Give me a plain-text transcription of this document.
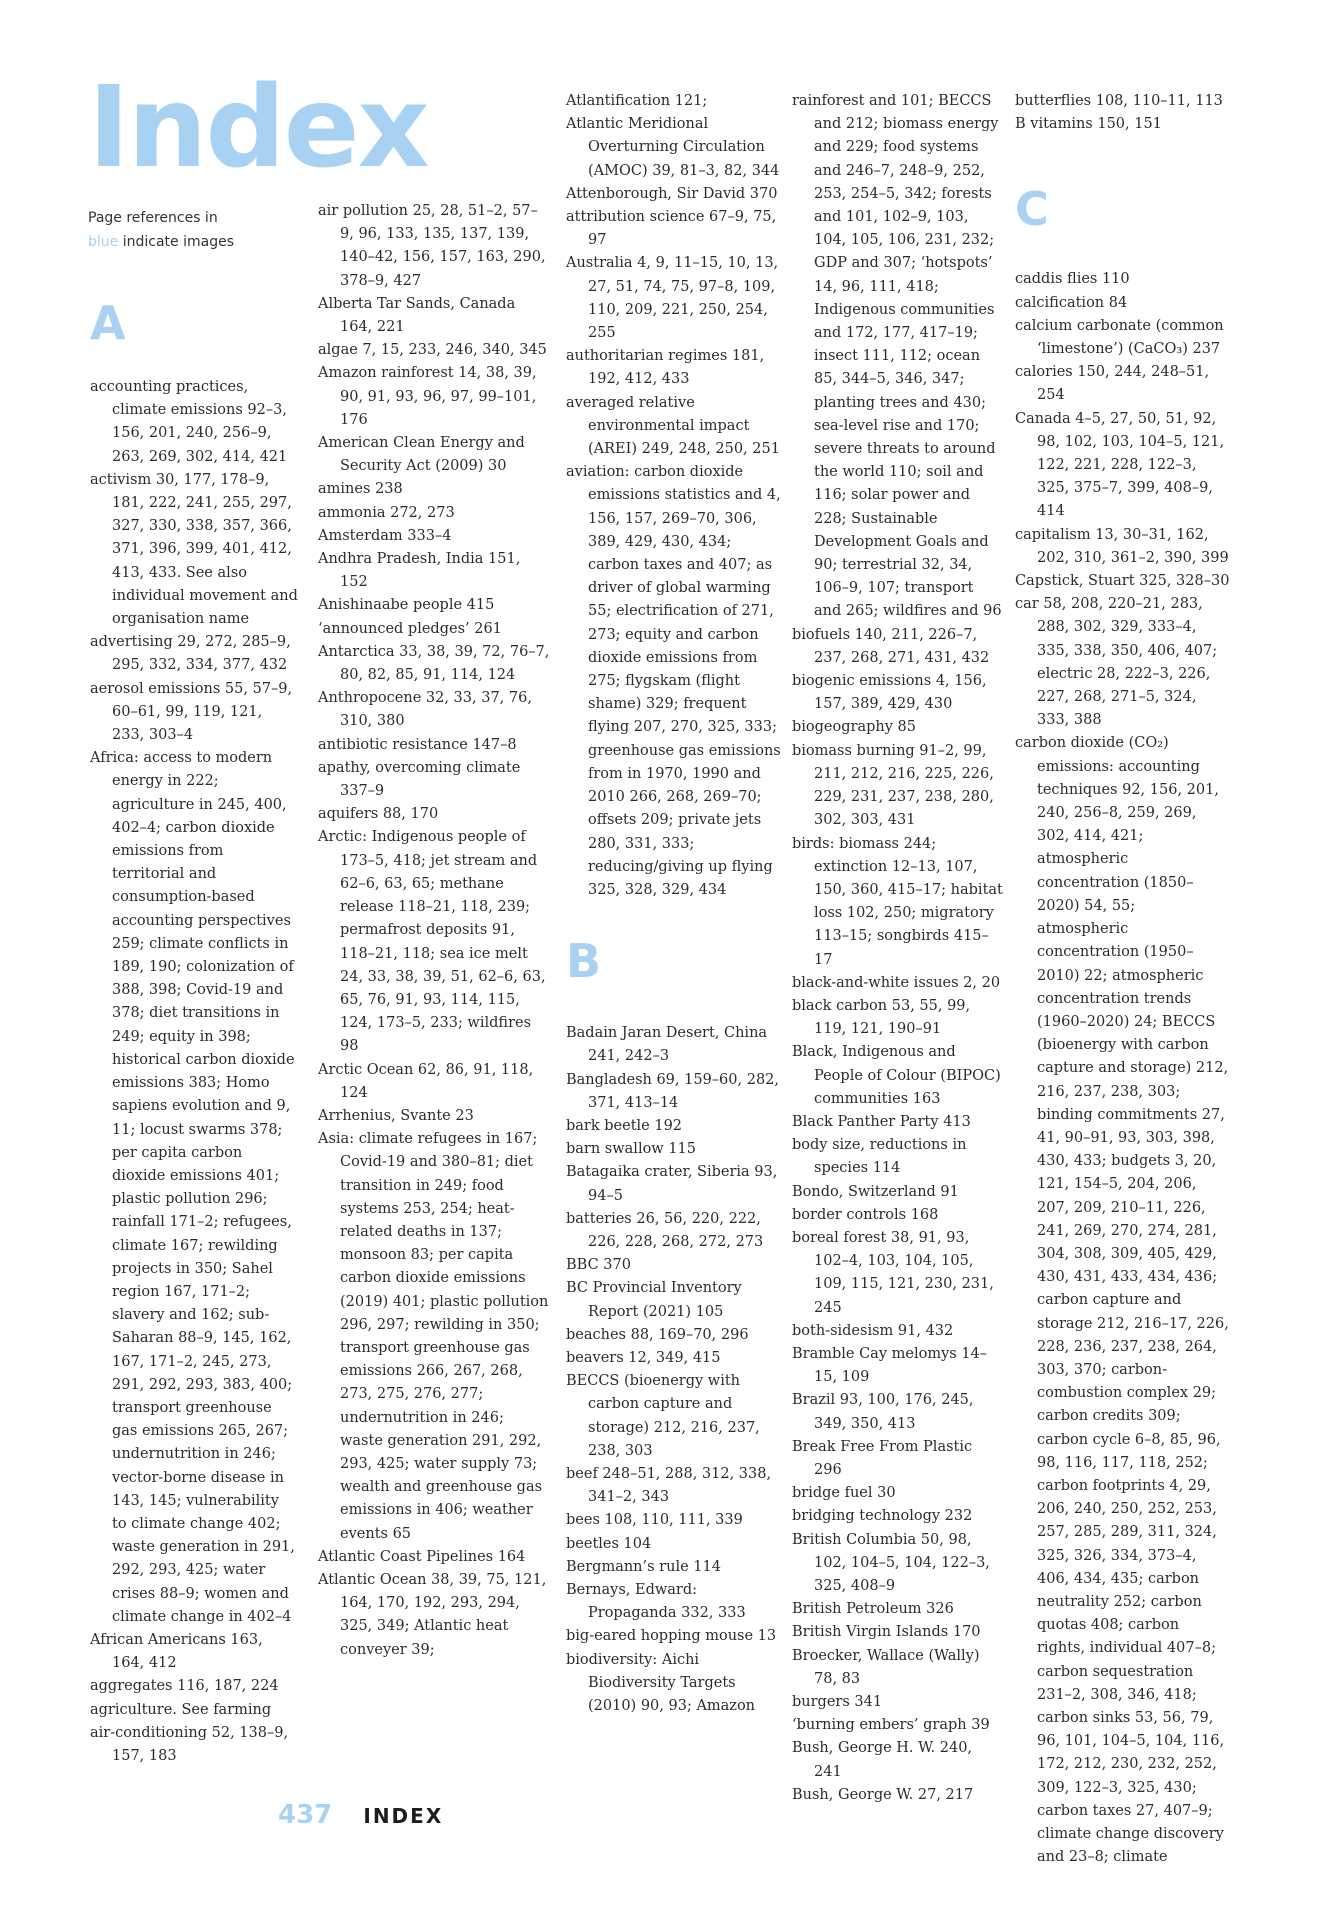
Index
Page references in
blue indicate images
A

accounting practices, climate emissions 92–3, 156, 201, 240, 256–9, 263, 269, 302, 414, 421

activism 30, 177, 178–9, 181, 222, 241, 255, 297, 327, 330, 338, 357, 366, 371, 396, 399, 401, 412, 413, 433. See also individual movement and organisation name

advertising 29, 272, 285–9, 295, 332, 334, 377, 432

aerosol emissions 55, 57–9, 60–61, 99, 119, 121, 233, 303–4

Africa: access to modern energy in 222; agriculture in 245, 400, 402–4; carbon dioxide emissions from territorial and consumption-based accounting perspectives 259; climate conflicts in 189, 190; colonization of 388, 398; Covid-19 and 378; diet transitions in 249; equity in 398; historical carbon dioxide emissions 383; Homo sapiens evolution and 9, 11; locust swarms 378; per capita carbon dioxide emissions 401; plastic pollution 296; rainfall 171–2; refugees, climate 167; rewilding projects in 350; Sahel region 167, 171–2; slavery and 162; sub-Saharan 88–9, 145, 162, 167, 171–2, 245, 273, 291, 292, 293, 383, 400; transport greenhouse gas emissions 265, 267; undernutrition in 246; vector-borne disease in 143, 145; vulnerability to climate change 402; waste generation in 291, 292, 293, 425; water crises 88–9; women and climate change in 402–4

African Americans 163, 164, 412

aggregates 116, 187, 224

agriculture. See farming

air-conditioning 52, 138–9, 157, 183

air pollution 25, 28, 51–2, 57–9, 96, 133, 135, 137, 139, 140–42, 156, 157, 163, 290, 378–9, 427

Alberta Tar Sands, Canada 164, 221

algae 7, 15, 233, 246, 340, 345

Amazon rainforest 14, 38, 39, 90, 91, 93, 96, 97, 99–101, 176

American Clean Energy and Security Act (2009) 30

amines 238

ammonia 272, 273

Amsterdam 333–4

Andhra Pradesh, India 151, 152

Anishinaabe people 415

‘announced pledges’ 261

Antarctica 33, 38, 39, 72, 76–7, 80, 82, 85, 91, 114, 124

Anthropocene 32, 33, 37, 76, 310, 380

antibiotic resistance 147–8

apathy, overcoming climate 337–9

aquifers 88, 170

Arctic: Indigenous people of 173–5, 418; jet stream and 62–6, 63, 65; methane release 118–21, 118, 239; permafrost deposits 91, 118–21, 118; sea ice melt 24, 33, 38, 39, 51, 62–6, 63, 65, 76, 91, 93, 114, 115, 124, 173–5, 233; wildfires 98

Arctic Ocean 62, 86, 91, 118, 124

Arrhenius, Svante 23

Asia: climate refugees in 167; Covid-19 and 380–81; diet transition in 249; food systems 253, 254; heat-related deaths in 137; monsoon 83; per capita carbon dioxide emissions (2019) 401; plastic pollution 296, 297; rewilding in 350; transport greenhouse gas emissions 266, 267, 268, 273, 275, 276, 277; undernutrition in 246; waste generation 291, 292, 293, 425; water supply 73; wealth and greenhouse gas emissions in 406; weather events 65

Atlantic Coast Pipelines 164

Atlantic Ocean 38, 39, 75, 121, 164, 170, 192, 293, 294, 325, 349; Atlantic heat conveyer 39;

Atlantification 121;

Atlantic Meridional Overturning Circulation (AMOC) 39, 81–3, 82, 344

Attenborough, Sir David 370

attribution science 67–9, 75, 97

Australia 4, 9, 11–15, 10, 13, 27, 51, 74, 75, 97–8, 109, 110, 209, 221, 250, 254, 255

authoritarian regimes 181, 192, 412, 433

averaged relative environmental impact (AREI) 249, 248, 250, 251

aviation: carbon dioxide emissions statistics and 4, 156, 157, 269–70, 306, 389, 429, 430, 434; carbon taxes and 407; as driver of global warming 55; electrification of 271, 273; equity and carbon dioxide emissions from 275; flygskam (flight shame) 329; frequent flying 207, 270, 325, 333; greenhouse gas emissions from in 1970, 1990 and 2010 266, 268, 269–70; offsets 209; private jets 280, 331, 333; reducing/giving up flying 325, 328, 329, 434

B

Badain Jaran Desert, China 241, 242–3

Bangladesh 69, 159–60, 282, 371, 413–14

bark beetle 192

barn swallow 115

Batagaika crater, Siberia 93, 94–5

batteries 26, 56, 220, 222, 226, 228, 268, 272, 273

BBC 370

BC Provincial Inventory Report (2021) 105

beaches 88, 169–70, 296

beavers 12, 349, 415

BECCS (bioenergy with carbon capture and storage) 212, 216, 237, 238, 303

beef 248–51, 288, 312, 338, 341–2, 343

bees 108, 110, 111, 339

beetles 104

Bergmann’s rule 114

Bernays, Edward: Propaganda 332, 333

big-eared hopping mouse 13

biodiversity: Aichi Biodiversity Targets (2010) 90, 93; Amazon

rainforest and 101; BECCS and 212; biomass energy and 229; food systems and 246–7, 248–9, 252, 253, 254–5, 342; forests and 101, 102–9, 103, 104, 105, 106, 231, 232; GDP and 307; ‘hotspots’ 14, 96, 111, 418; Indigenous communities and 172, 177, 417–19; insect 111, 112; ocean 85, 344–5, 346, 347; planting trees and 430; sea-level rise and 170; severe threats to around the world 110; soil and 116; solar power and 228; Sustainable Development Goals and 90; terrestrial 32, 34, 106–9, 107; transport and 265; wildfires and 96

biofuels 140, 211, 226–7, 237, 268, 271, 431, 432

biogenic emissions 4, 156, 157, 389, 429, 430

biogeography 85

biomass burning 91–2, 99, 211, 212, 216, 225, 226, 229, 231, 237, 238, 280, 302, 303, 431

birds: biomass 244; extinction 12–13, 107, 150, 360, 415–17; habitat loss 102, 250; migratory 113–15; songbirds 415–17

black-and-white issues 2, 20

black carbon 53, 55, 99, 119, 121, 190–91

Black, Indigenous and People of Colour (BIPOC) communities 163

Black Panther Party 413

body size, reductions in species 114

Bondo, Switzerland 91

border controls 168

boreal forest 38, 91, 93, 102–4, 103, 104, 105, 109, 115, 121, 230, 231, 245

both-sidesism 91, 432

Bramble Cay melomys 14–15, 109

Brazil 93, 100, 176, 245, 349, 350, 413

Break Free From Plastic 296

bridge fuel 30

bridging technology 232

British Columbia 50, 98, 102, 104–5, 104, 122–3, 325, 408–9

British Petroleum 326

British Virgin Islands 170

Broecker, Wallace (Wally) 78, 83

burgers 341

‘burning embers’ graph 39

Bush, George H. W. 240, 241

Bush, George W. 27, 217

butterflies 108, 110–11, 113

B vitamins 150, 151

C

caddis flies 110

calcification 84

calcium carbonate (common ‘limestone’) (CaCO₃) 237

calories 150, 244, 248–51, 254

Canada 4–5, 27, 50, 51, 92, 98, 102, 103, 104–5, 121, 122, 221, 228, 122–3, 325, 375–7, 399, 408–9, 414

capitalism 13, 30–31, 162, 202, 310, 361–2, 390, 399

Capstick, Stuart 325, 328–30

car 58, 208, 220–21, 283, 288, 302, 329, 333–4, 335, 338, 350, 406, 407; electric 28, 222–3, 226, 227, 268, 271–5, 324, 333, 388

carbon dioxide (CO₂) emissions: accounting techniques 92, 156, 201, 240, 256–8, 259, 269, 302, 414, 421; atmospheric concentration (1850–2020) 54, 55; atmospheric concentration (1950–2010) 22; atmospheric concentration trends (1960–2020) 24; BECCS (bioenergy with carbon capture and storage) 212, 216, 237, 238, 303; binding commitments 27, 41, 90–91, 93, 303, 398, 430, 433; budgets 3, 20, 121, 154–5, 204, 206, 207, 209, 210–11, 226, 241, 269, 270, 274, 281, 304, 308, 309, 405, 429, 430, 431, 433, 434, 436; carbon capture and storage 212, 216–17, 226, 228, 236, 237, 238, 264, 303, 370; carbon-combustion complex 29; carbon credits 309; carbon cycle 6–8, 85, 96, 98, 116, 117, 118, 252; carbon footprints 4, 29, 206, 240, 250, 252, 253, 257, 285, 289, 311, 324, 325, 326, 334, 373–4, 406, 434, 435; carbon neutrality 252; carbon quotas 408; carbon rights, individual 407–8; carbon sequestration 231–2, 308, 346, 418; carbon sinks 53, 56, 79, 96, 101, 104–5, 104, 116, 172, 212, 230, 232, 252, 309, 122–3, 325, 430; carbon taxes 27, 407–9; climate change discovery and 23–8; climate

437 INDEX
